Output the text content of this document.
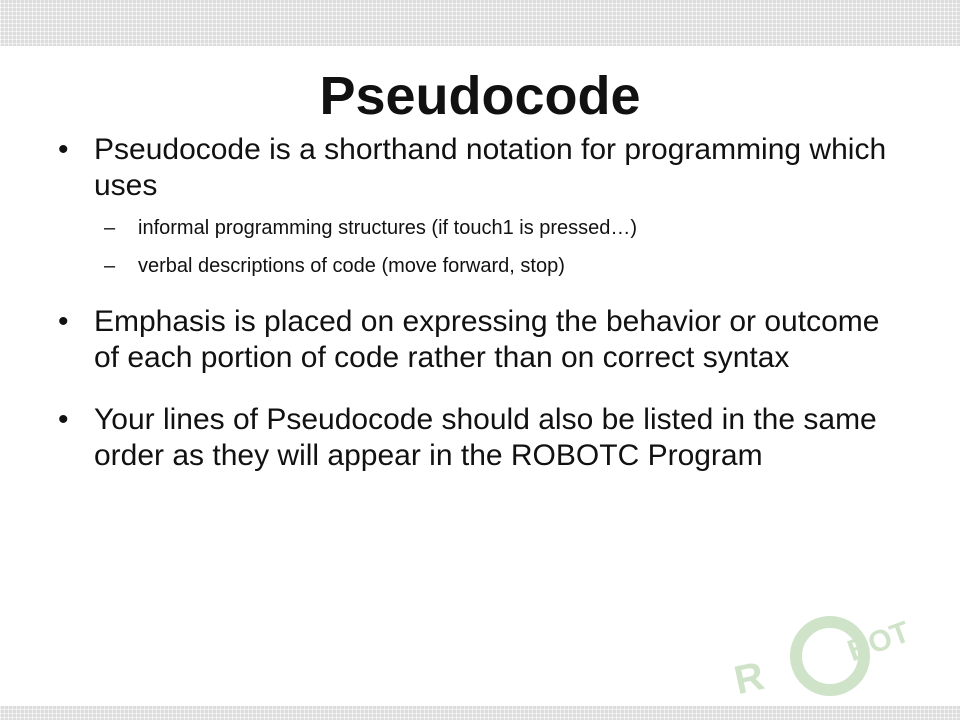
Pseudocode
• Pseudocode is a shorthand notation for programming which uses
– informal programming structures (if touch1 is pressed…)
– verbal descriptions of code (move forward, stop)
• Emphasis is placed on expressing the behavior or outcome of each portion of code rather than on correct syntax
• Your lines of Pseudocode should also be listed in the same order as they will appear in the ROBOTC Program
R
BOT
